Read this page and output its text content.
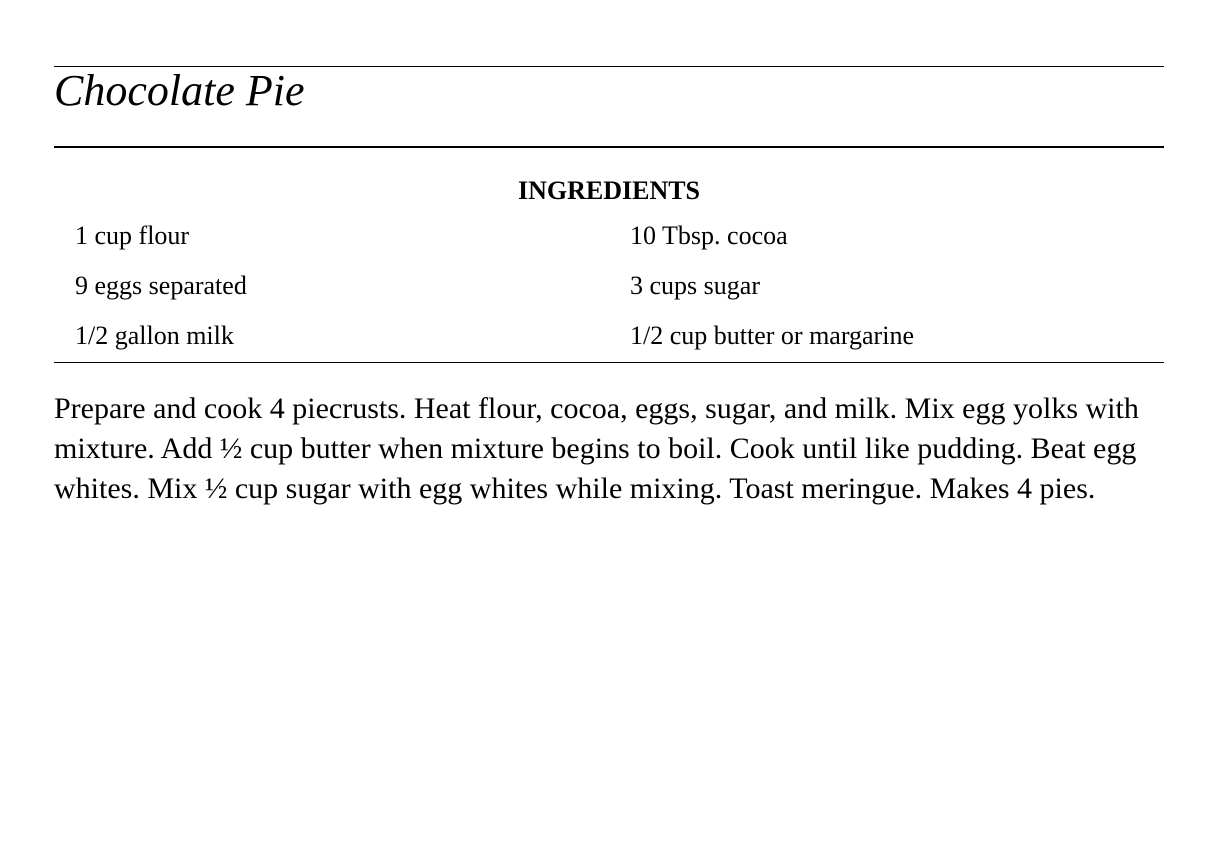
Chocolate Pie
INGREDIENTS
1 cup flour	10 Tbsp. cocoa
9 eggs separated	3 cups sugar
1/2 gallon milk	1/2 cup butter or margarine

Prepare and cook 4 piecrusts. Heat flour, cocoa, eggs, sugar, and milk. Mix egg yolks with mixture. Add ½ cup butter when mixture begins to boil. Cook until like pudding. Beat egg whites. Mix ½ cup sugar with egg whites while mixing. Toast meringue. Makes 4 pies.
